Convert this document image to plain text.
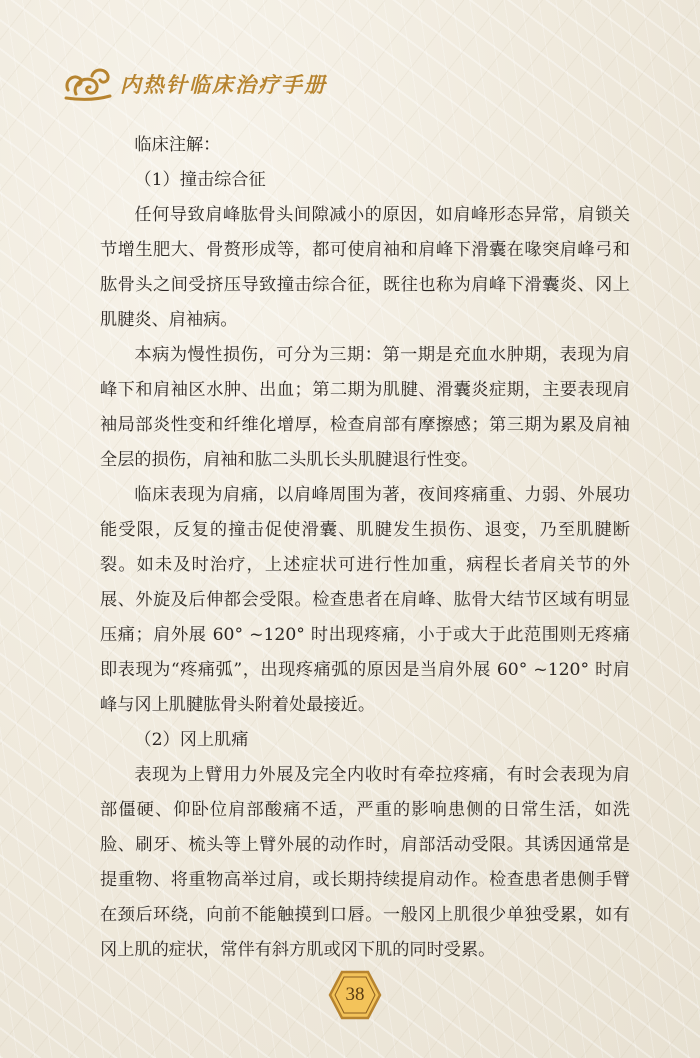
内热针临床治疗手册

临床注解：

（1）撞击综合征

任何导致肩峰肱骨头间隙减小的原因，如肩峰形态异常，肩锁关节增生肥大、骨赘形成等，都可使肩袖和肩峰下滑囊在喙突肩峰弓和肱骨头之间受挤压导致撞击综合征，既往也称为肩峰下滑囊炎、冈上肌腱炎、肩袖病。

本病为慢性损伤，可分为三期：第一期是充血水肿期，表现为肩峰下和肩袖区水肿、出血；第二期为肌腱、滑囊炎症期，主要表现肩袖局部炎性变和纤维化增厚，检查肩部有摩擦感；第三期为累及肩袖全层的损伤，肩袖和肱二头肌长头肌腱退行性变。

临床表现为肩痛，以肩峰周围为著，夜间疼痛重、力弱、外展功能受限，反复的撞击促使滑囊、肌腱发生损伤、退变，乃至肌腱断裂。如未及时治疗，上述症状可进行性加重，病程长者肩关节的外展、外旋及后伸都会受限。检查患者在肩峰、肱骨大结节区域有明显压痛；肩外展 60° ~120° 时出现疼痛，小于或大于此范围则无疼痛即表现为“疼痛弧”，出现疼痛弧的原因是当肩外展 60° ~120° 时肩峰与冈上肌腱肱骨头附着处最接近。

（2）冈上肌痛

表现为上臂用力外展及完全内收时有牵拉疼痛，有时会表现为肩部僵硬、仰卧位肩部酸痛不适，严重的影响患侧的日常生活，如洗脸、刷牙、梳头等上臂外展的动作时，肩部活动受限。其诱因通常是提重物、将重物高举过肩，或长期持续提肩动作。检查患者患侧手臂在颈后环绕，向前不能触摸到口唇。一般冈上肌很少单独受累，如有冈上肌的症状，常伴有斜方肌或冈下肌的同时受累。

38
